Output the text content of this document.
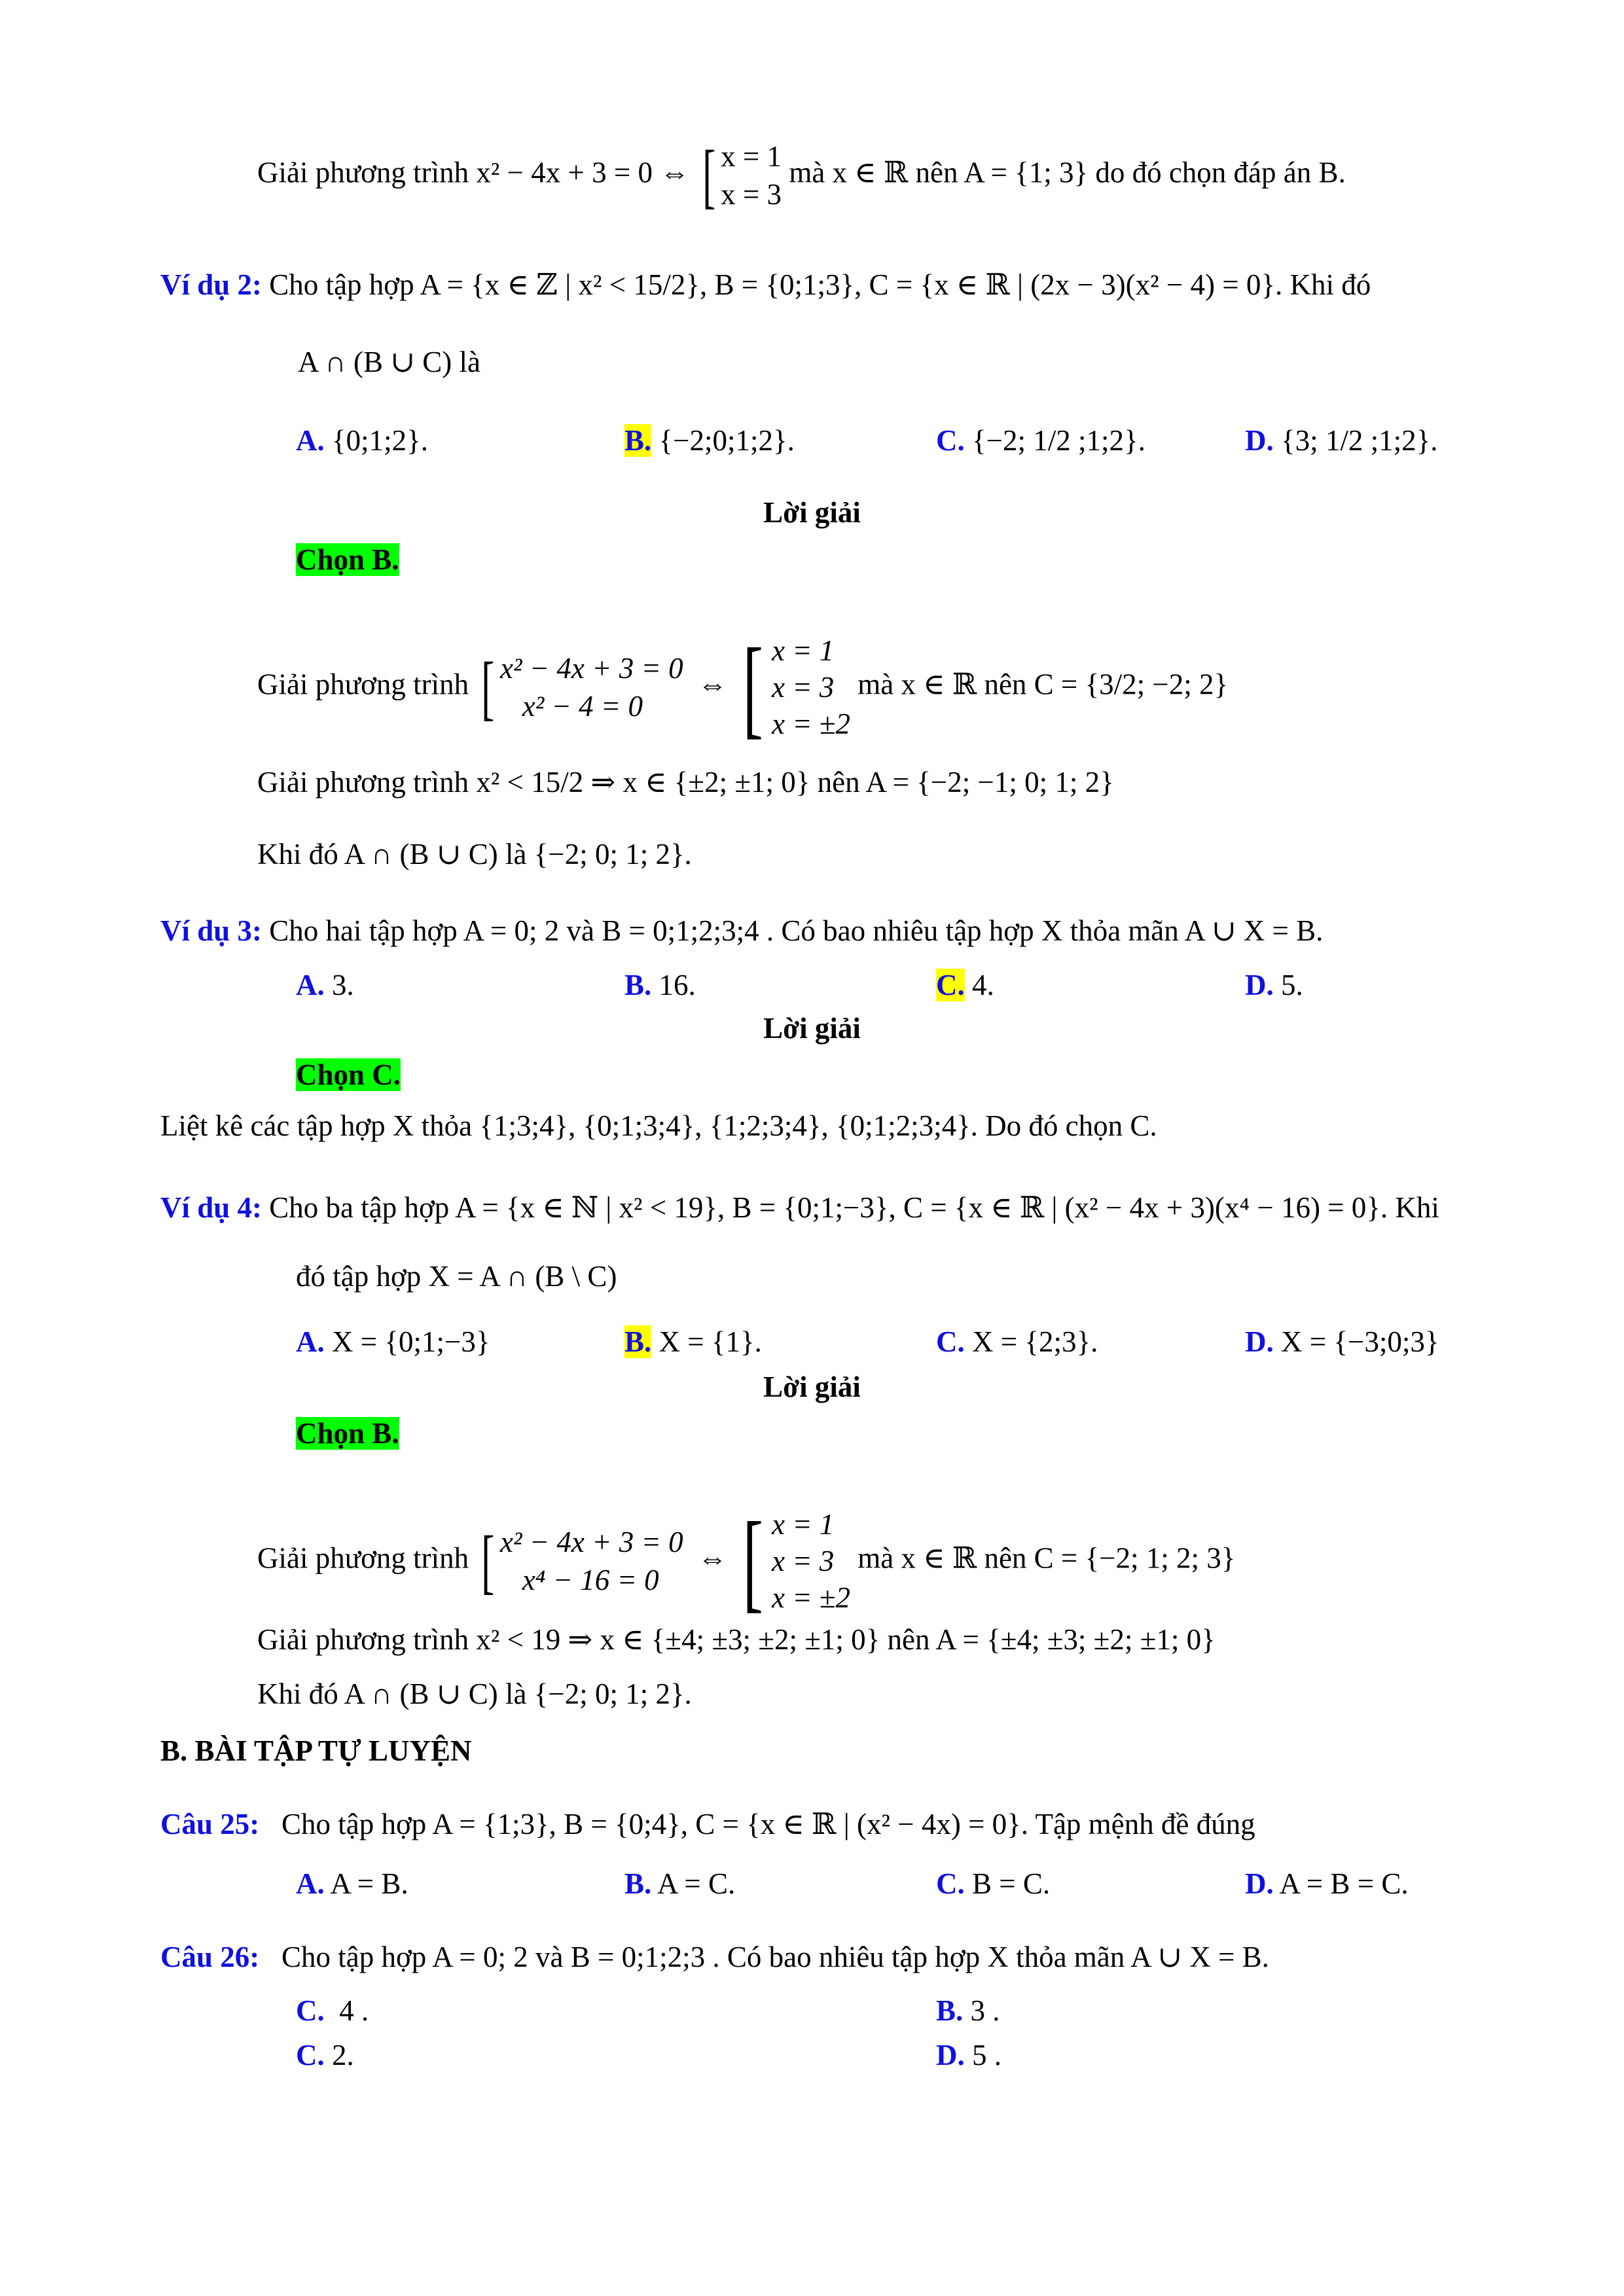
Giải phương trình x² − 4x + 3 = 0 ⇔ [ x = 1
x = 3 mà x ∈ ℝ nên A = {1; 3} do đó chọn đáp án B.
Ví dụ 2: Cho tập hợp A = {x ∈ ℤ | x² < 15/2}, B = {0;1;3}, C = {x ∈ ℝ | (2x − 3)(x² − 4) = 0}. Khi đó
A ∩ (B ∪ C) là
A. {0;1;2}.	B. {−2;0;1;2}.	C. {−2; 1/2 ;1;2}.	D. {3; 1/2 ;1;2}.
Lời giải
Chọn B.
Giải phương trình [ x² − 4x + 3 = 0
x² − 4 = 0  ⇔ [ x = 1
x = 3
x = ±2 mà x ∈ ℝ nên C = {3/2; −2; 2}
Giải phương trình x² < 15/2 ⇒ x ∈ {±2; ±1; 0} nên A = {−2; −1; 0; 1; 2}
Khi đó A ∩ (B ∪ C) là {−2; 0; 1; 2}.
Ví dụ 3: Cho hai tập hợp A = 0; 2 và B = 0;1;2;3;4 . Có bao nhiêu tập hợp X thỏa mãn A ∪ X = B.
A. 3.	B. 16.	C. 4.	D. 5.
Lời giải
Chọn C.
Liệt kê các tập hợp X thỏa {1;3;4}, {0;1;3;4}, {1;2;3;4}, {0;1;2;3;4}. Do đó chọn C.
Ví dụ 4: Cho ba tập hợp A = {x ∈ ℕ | x² < 19}, B = {0;1;−3}, C = {x ∈ ℝ | (x² − 4x + 3)(x⁴ − 16) = 0}. Khi
đó tập hợp X = A ∩ (B \ C)
A. X = {0;1;−3}	B. X = {1}.	C. X = {2;3}.	D. X = {−3;0;3}
Lời giải
Chọn B.
Giải phương trình [ x² − 4x + 3 = 0
x⁴ − 16 = 0  ⇔ [ x = 1
x = 3
x = ±2 mà x ∈ ℝ nên C = {−2; 1; 2; 3}
Giải phương trình x² < 19 ⇒ x ∈ {±4; ±3; ±2; ±1; 0} nên A = {±4; ±3; ±2; ±1; 0}
Khi đó A ∩ (B ∪ C) là {−2; 0; 1; 2}.
B. BÀI TẬP TỰ LUYỆN
Câu 25: Cho tập hợp A = {1;3}, B = {0;4}, C = {x ∈ ℝ | (x² − 4x) = 0}. Tập mệnh đề đúng
A. A = B.	B. A = C.	C. B = C.	D. A = B = C.
Câu 26: Cho tập hợp A = 0; 2 và B = 0;1;2;3 . Có bao nhiêu tập hợp X thỏa mãn A ∪ X = B.
C. 4 .	B. 3 .
C. 2.	D. 5 .
